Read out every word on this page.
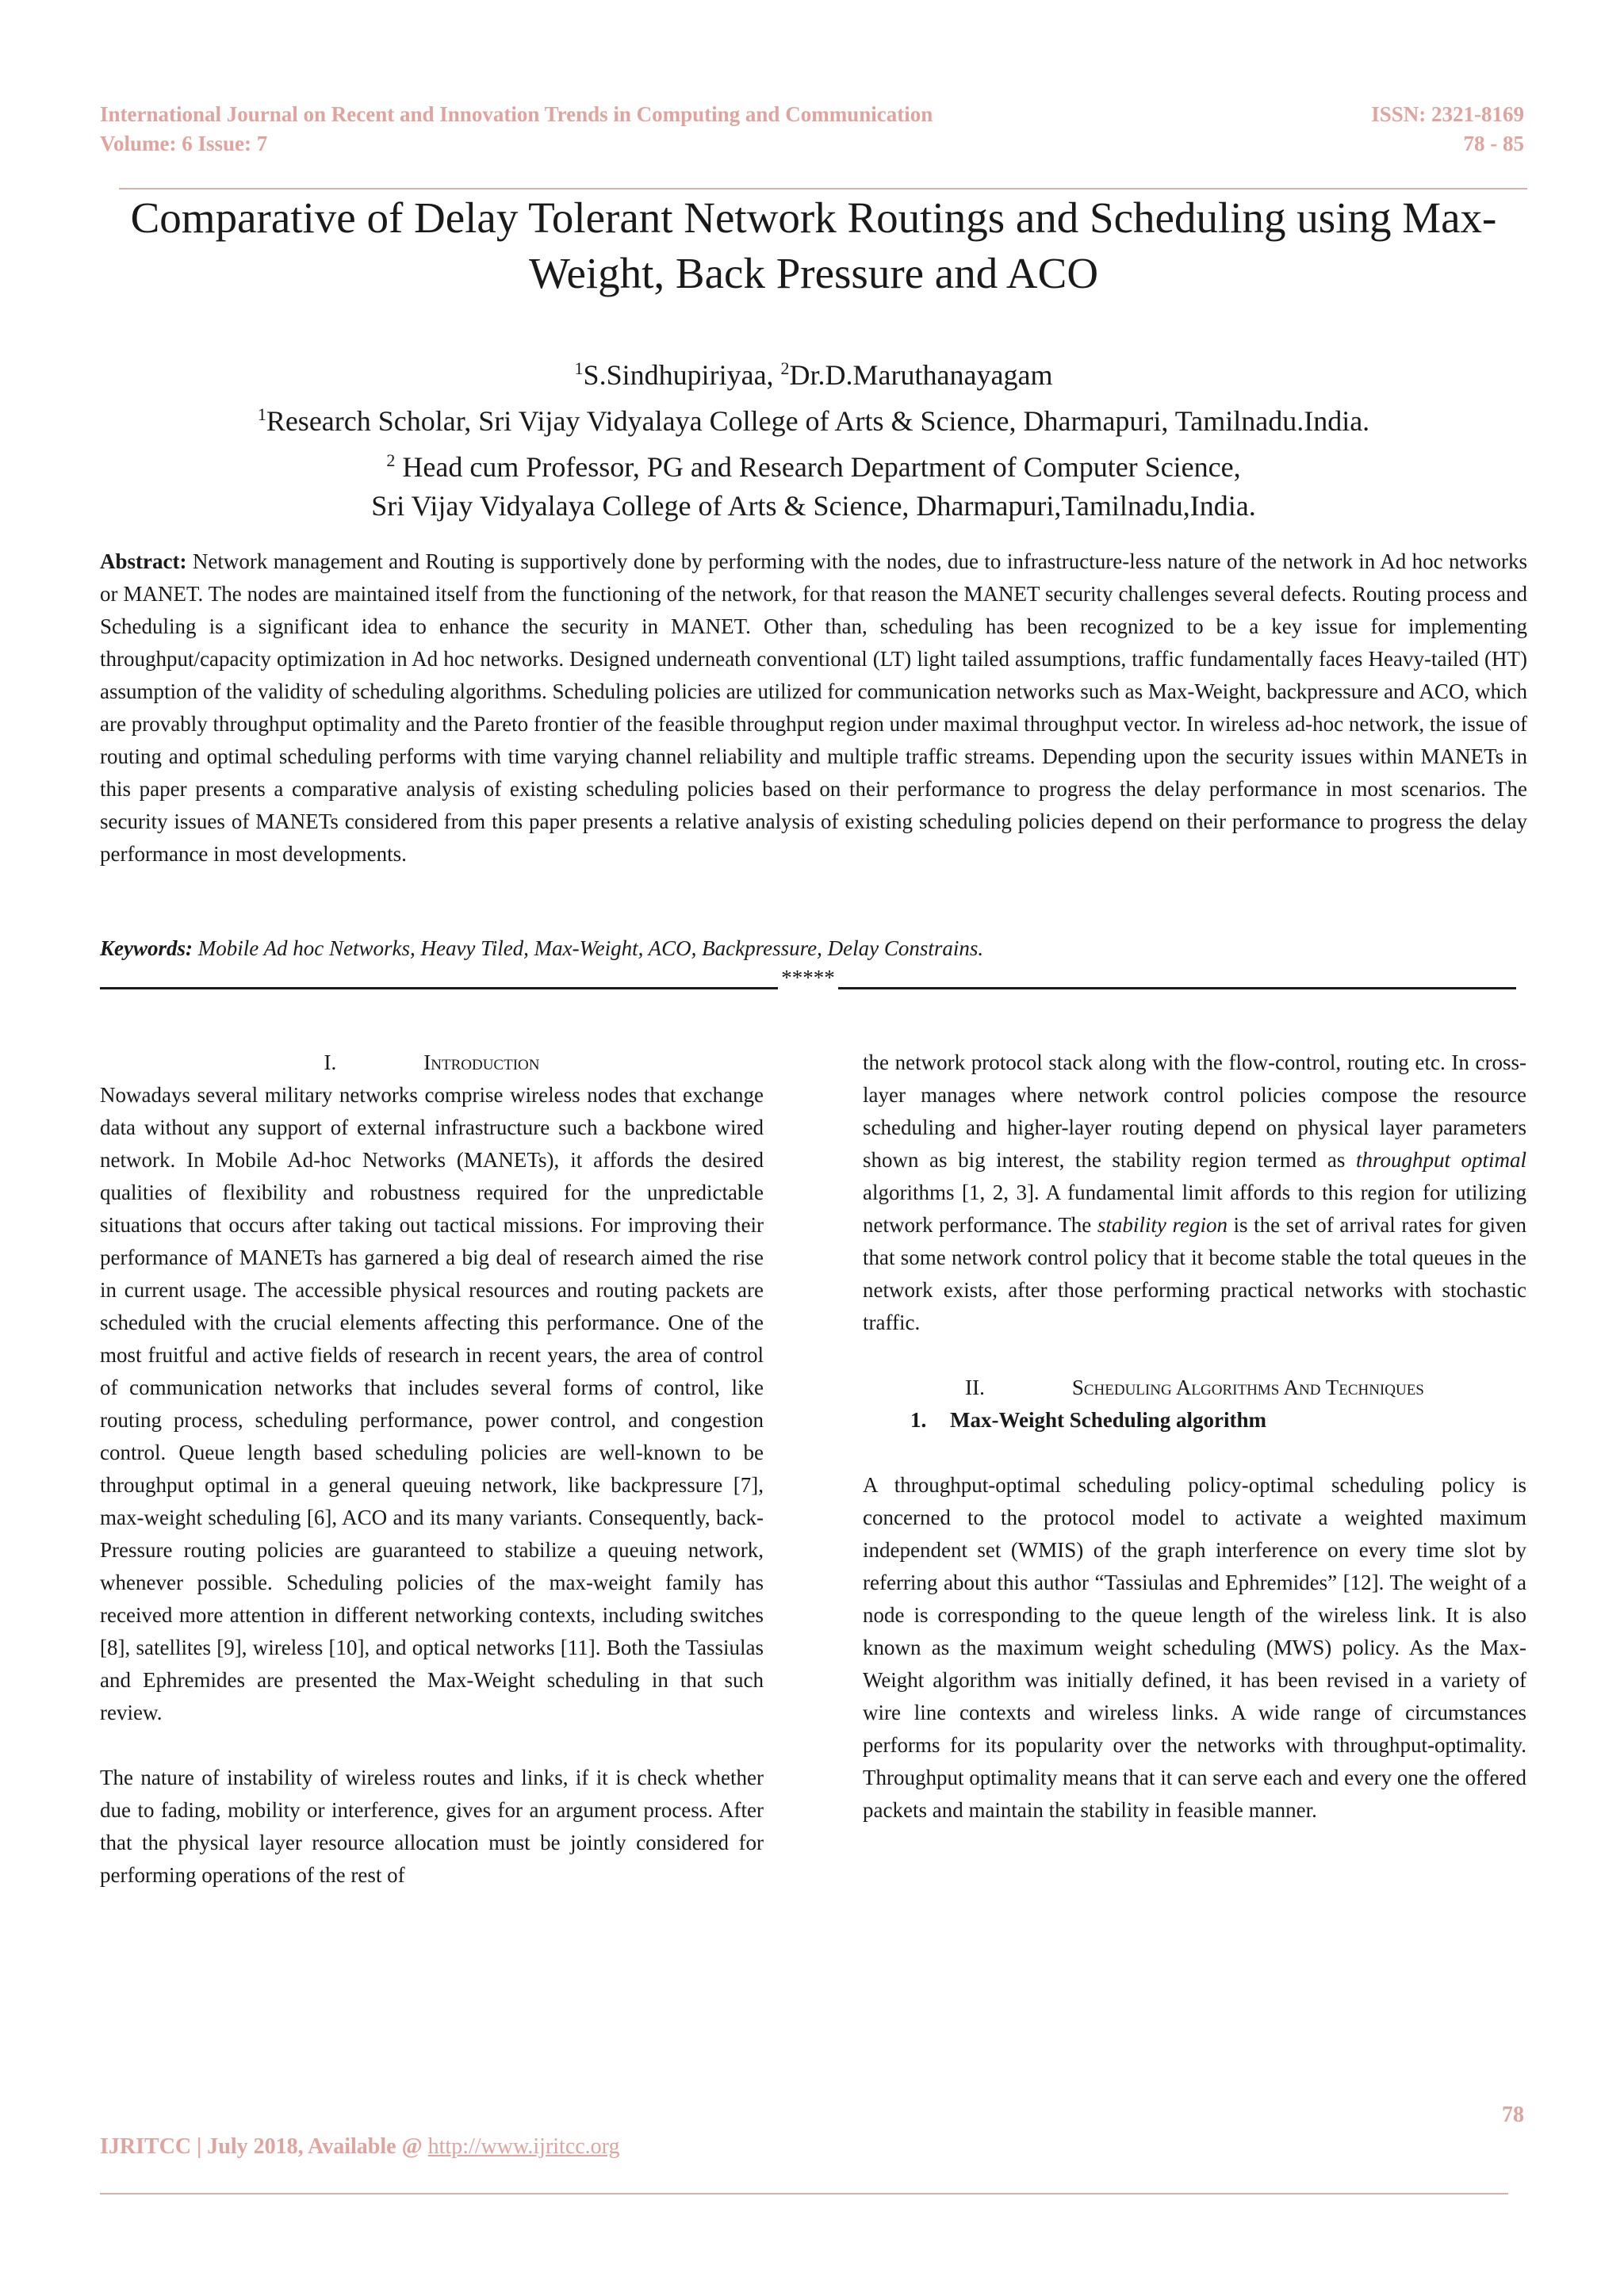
International Journal on Recent and Innovation Trends in Computing and Communication
Volume: 6 Issue: 7
ISSN: 2321-8169
78 - 85
Comparative of Delay Tolerant Network Routings and Scheduling using Max-
Weight, Back Pressure and ACO
$^1$S.Sindhupiriyaa, $^2$Dr.D.Maruthanayagam
$^1$Research Scholar, Sri Vijay Vidyalaya College of Arts & Science, Dharmapuri, Tamilnadu.India.
$^2$ Head cum Professor, PG and Research Department of Computer Science,
Sri Vijay Vidyalaya College of Arts & Science, Dharmapuri,Tamilnadu,India.
Abstract: Network management and Routing is supportively done by performing with the nodes, due to infrastructure-less nature of the network in Ad hoc networks or MANET. The nodes are maintained itself from the functioning of the network, for that reason the MANET security challenges several defects. Routing process and Scheduling is a significant idea to enhance the security in MANET. Other than, scheduling has been recognized to be a key issue for implementing throughput/capacity optimization in Ad hoc networks. Designed underneath conventional (LT) light tailed assumptions, traffic fundamentally faces Heavy-tailed (HT) assumption of the validity of scheduling algorithms. Scheduling policies are utilized for communication networks such as Max-Weight, backpressure and ACO, which are provably throughput optimality and the Pareto frontier of the feasible throughput region under maximal throughput vector. In wireless ad-hoc network, the issue of routing and optimal scheduling performs with time varying channel reliability and multiple traffic streams. Depending upon the security issues within MANETs in this paper presents a comparative analysis of existing scheduling policies based on their performance to progress the delay performance in most scenarios. The security issues of MANETs considered from this paper presents a relative analysis of existing scheduling policies depend on their performance to progress the delay performance in most developments.
Keywords: Mobile Ad hoc Networks, Heavy Tiled, Max-Weight, ACO, Backpressure, Delay Constrains.
*****
I.	Introduction

Nowadays several military networks comprise wireless nodes that exchange data without any support of external infrastructure such a backbone wired network. In Mobile Ad-hoc Networks (MANETs), it affords the desired qualities of flexibility and robustness required for the unpredictable situations that occurs after taking out tactical missions. For improving their performance of MANETs has garnered a big deal of research aimed the rise in current usage. The accessible physical resources and routing packets are scheduled with the crucial elements affecting this performance. One of the most fruitful and active fields of research in recent years, the area of control of communication networks that includes several forms of control, like routing process, scheduling performance, power control, and congestion control. Queue length based scheduling policies are well-known to be throughput optimal in a general queuing network, like backpressure [7], max-weight scheduling [6], ACO and its many variants. Consequently, back-Pressure routing policies are guaranteed to stabilize a queuing network, whenever possible. Scheduling policies of the max-weight family has received more attention in different networking contexts, including switches [8], satellites [9], wireless [10], and optical networks [11]. Both the Tassiulas and Ephremides are presented the Max-Weight scheduling in that such review.

The nature of instability of wireless routes and links, if it is check whether due to fading, mobility or interference, gives for an argument process. After that the physical layer resource allocation must be jointly considered for performing operations of the rest of

the network protocol stack along with the flow-control, routing etc. In cross-layer manages where network control policies compose the resource scheduling and higher-layer routing depend on physical layer parameters shown as big interest, the stability region termed as throughput optimal algorithms [1, 2, 3]. A fundamental limit affords to this region for utilizing network performance. The stability region is the set of arrival rates for given that some network control policy that it become stable the total queues in the network exists, after those performing practical networks with stochastic traffic.

II.	Scheduling Algorithms And Techniques
1. Max-Weight Scheduling algorithm

A throughput-optimal scheduling policy-optimal scheduling policy is concerned to the protocol model to activate a weighted maximum independent set (WMIS) of the graph interference on every time slot by referring about this author “Tassiulas and Ephremides” [12]. The weight of a node is corresponding to the queue length of the wireless link. It is also known as the maximum weight scheduling (MWS) policy. As the Max-Weight algorithm was initially defined, it has been revised in a variety of wire line contexts and wireless links. A wide range of circumstances performs for its popularity over the networks with throughput-optimality. Throughput optimality means that it can serve each and every one the offered packets and maintain the stability in feasible manner.

78
IJRITCC | July 2018, Available @ http://www.ijritcc.org
